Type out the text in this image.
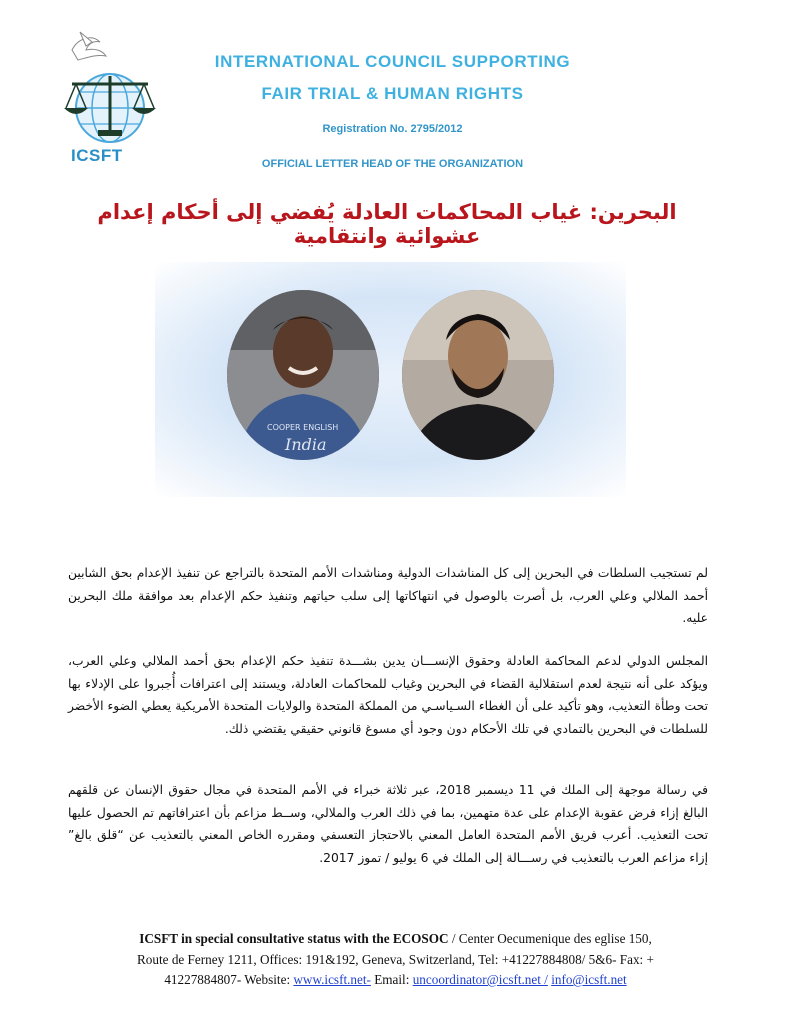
ICSFT
INTERNATIONAL COUNCIL SUPPORTING
FAIR TRIAL & HUMAN RIGHTS
Registration No. 2795/2012
OFFICIAL LETTER HEAD OF THE ORGANIZATION
البحرين: غياب المحاكمات العادلة يُفضي إلى أحكام إعدام عشوائية وانتقامية
COOPER ENGLISH
India
لم تستجيب السلطات في البحرين إلى كل المناشدات الدولية ومناشدات الأمم المتحدة بالتراجع عن تنفيذ الإعدام بحق الشابين أحمد الملالي وعلي العرب، بل أصرت بالوصول في انتهاكاتها إلى سلب حياتهم وتنفيذ حكم الإعدام بعد موافقة ملك البحرين عليه.
المجلس الدولي لدعم المحاكمة العادلة وحقوق الإنســـان يدين بشـــدة تنفيذ حكم الإعدام بحق أحمد الملالي وعلي العرب، ويؤكد على أنه نتيجة لعدم استقلالية القضاء في البحرين وغياب للمحاكمات العادلة، ويستند إلى اعترافات أُجبروا على الإدلاء بها تحت وطأة التعذيب، وهو تأكيد على أن الغطاء السـياسـي من المملكة المتحدة والولايات المتحدة الأمريكية يعطي الضوء الأخضر للسلطات في البحرين بالتمادي في تلك الأحكام دون وجود أي مسوغ قانوني حقيقي يقتضي ذلك.
في رسالة موجهة إلى الملك في 11 ديسمبر 2018، عبر ثلاثة خبراء في الأمم المتحدة في مجال حقوق الإنسان عن قلقهم البالغ إزاء فرض عقوبة الإعدام على عدة متهمين، بما في ذلك العرب والملالي، وســط مزاعم بأن اعترافاتهم تم الحصول عليها تحت التعذيب. أعرب فريق الأمم المتحدة العامل المعني بالاحتجاز التعسفي ومقرره الخاص المعني بالتعذيب عن “قلق بالغ” إزاء مزاعم العرب بالتعذيب في رســـالة إلى الملك في 6 يوليو / تموز 2017.
ICSFT in special consultative status with the ECOSOC / Center Oecumenique des eglise 150,
Route de Ferney 1211, Offices: 191&192, Geneva, Switzerland, Tel: +41227884808/ 5&6- Fax: +
41227884807- Website: www.icsft.net- Email: uncoordinator@icsft.net / info@icsft.net
